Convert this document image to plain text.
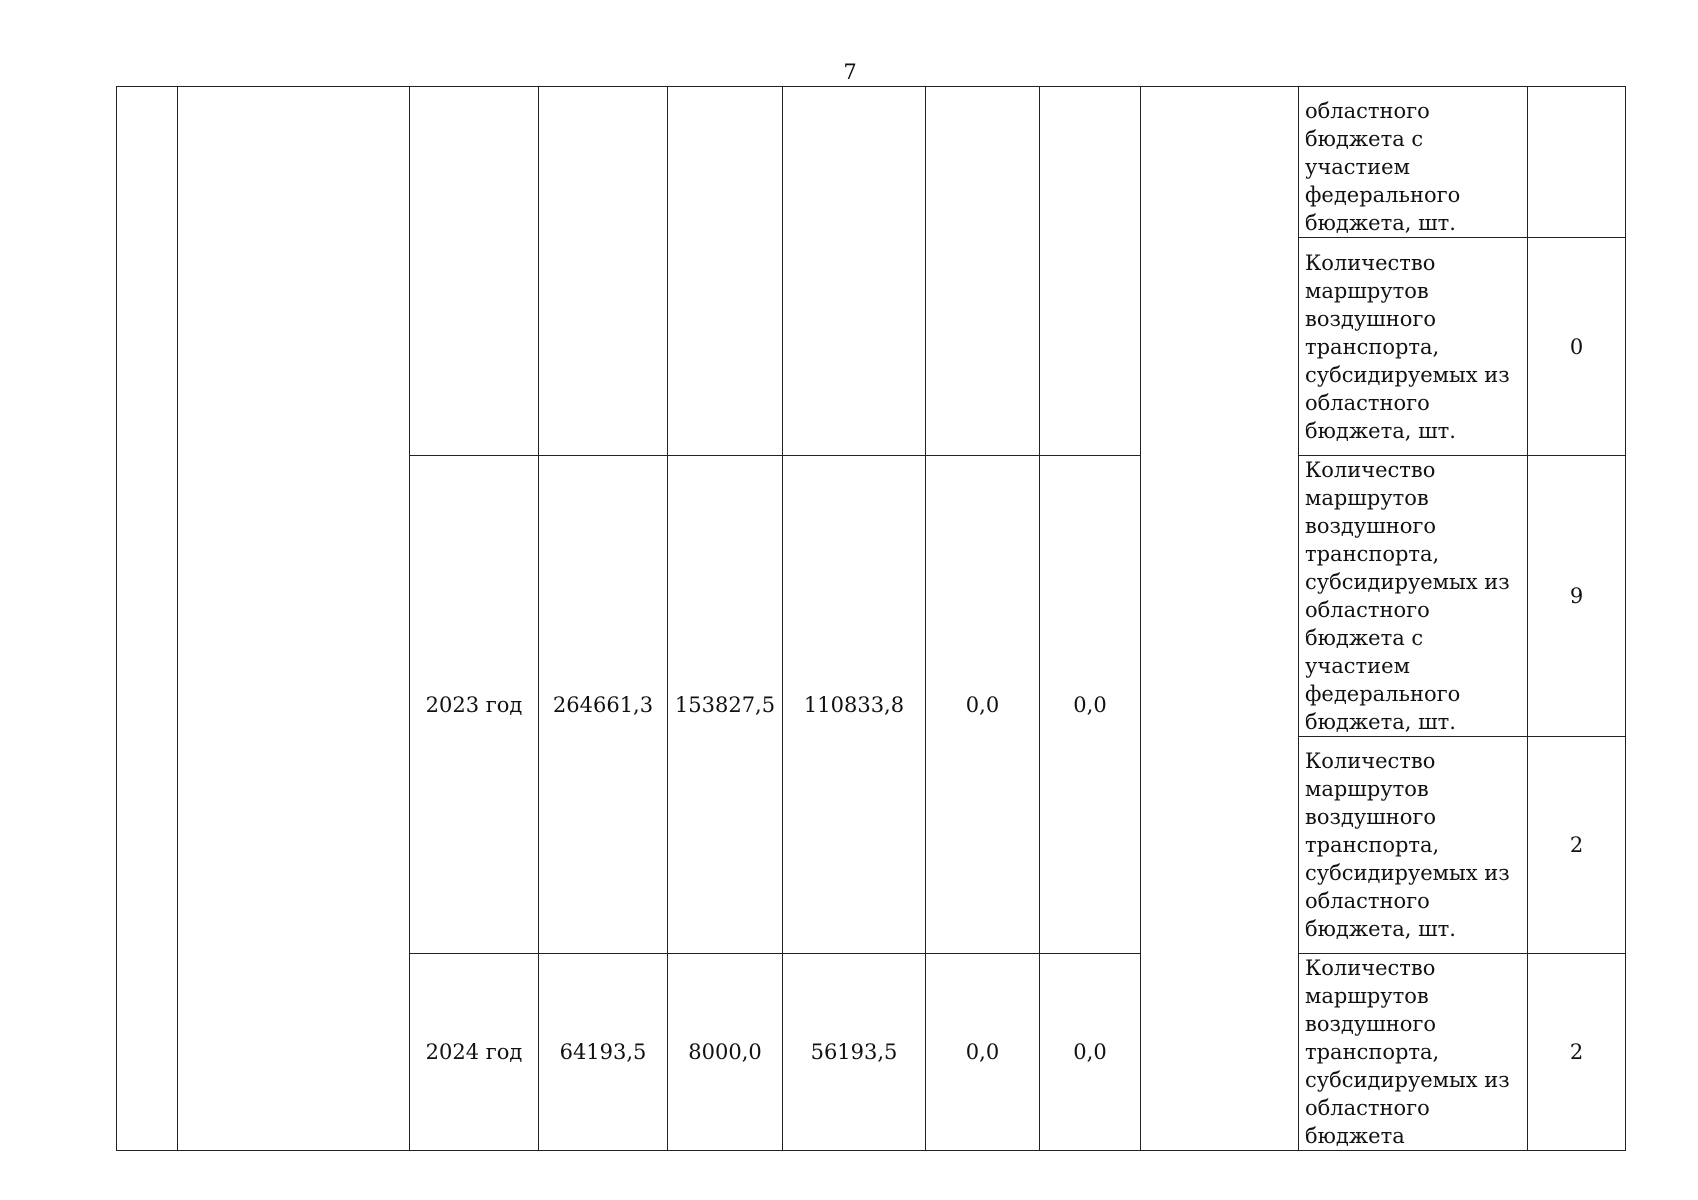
7
									областного бюджета с участием федерального бюджета, шт.	
									Количество маршрутов воздушного транспорта, субсидируемых из областного бюджета, шт.	0
		2023 год	264661,3	153827,5	110833,8	0,0	0,0		Количество маршрутов воздушного транспорта, субсидируемых из областного бюджета с участием федерального бюджета, шт.	9
									Количество маршрутов воздушного транспорта, субсидируемых из областного бюджета, шт.	2
		2024 год	64193,5	8000,0	56193,5	0,0	0,0		Количество маршрутов воздушного транспорта, субсидируемых из областного бюджета	2
